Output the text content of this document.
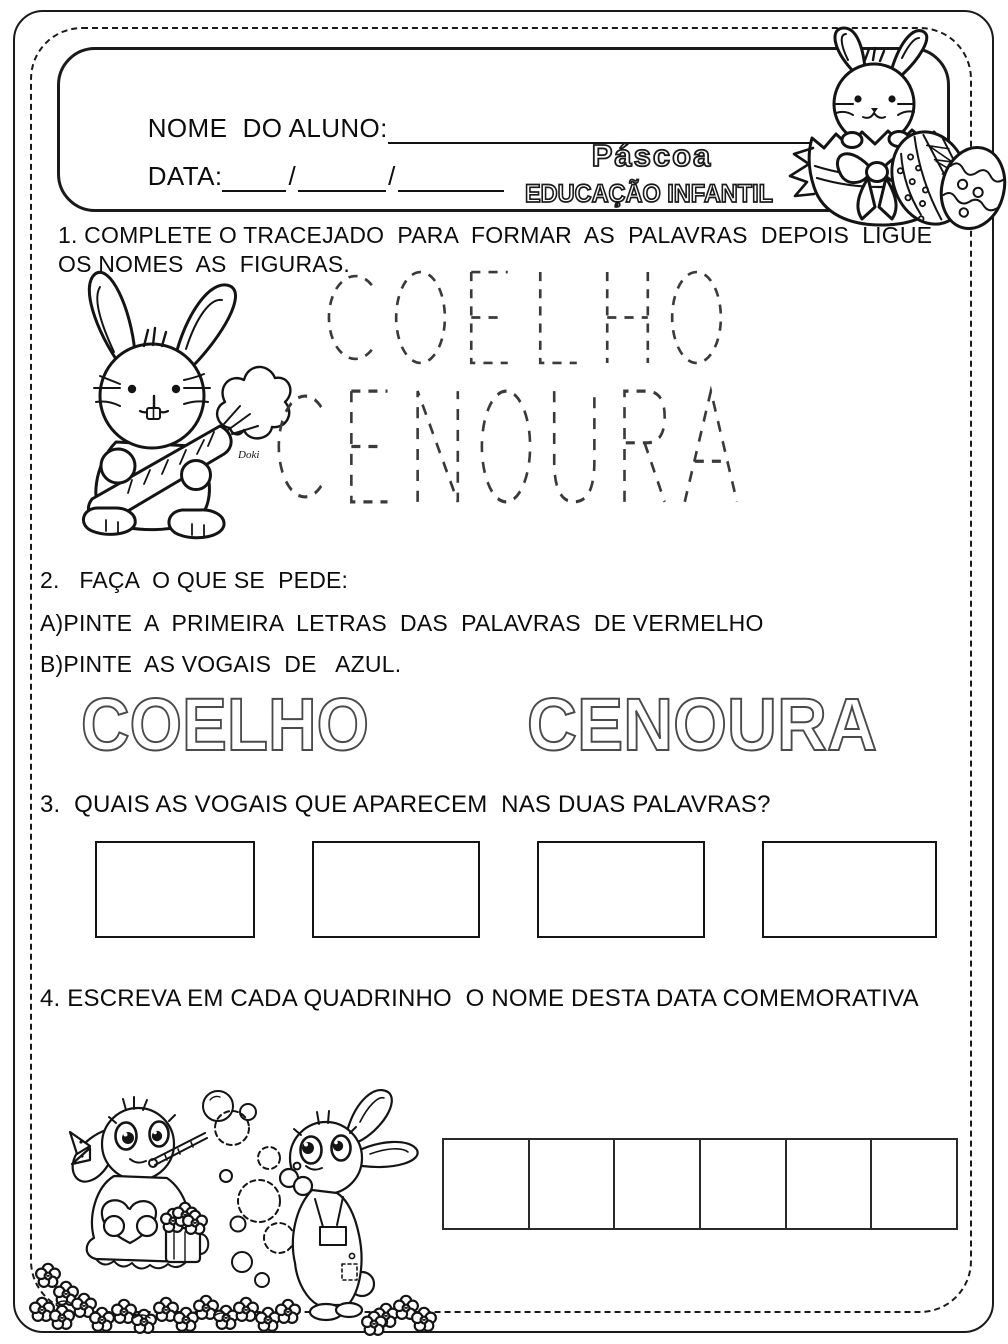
NOME  DO ALUNO:

DATA:	/	/

Páscoa
EDUCAÇÃO INFANTIL
1. COMPLETE O TRACEJADO  PARA  FORMAR  AS  PALAVRAS  DEPOIS  LIGUE
OS NOMES  AS  FIGURAS.
Doki
2.   FAÇA  O QUE SE  PEDE:
A)PINTE  A  PRIMEIRA  LETRAS  DAS  PALAVRAS  DE VERMELHO
B)PINTE  AS VOGAIS  DE   AZUL.
COELHO CENOURA
3.  QUAIS AS VOGAIS QUE APARECEM  NAS DUAS PALAVRAS?
4. ESCREVA EM CADA QUADRINHO  O NOME DESTA DATA COMEMORATIVA
